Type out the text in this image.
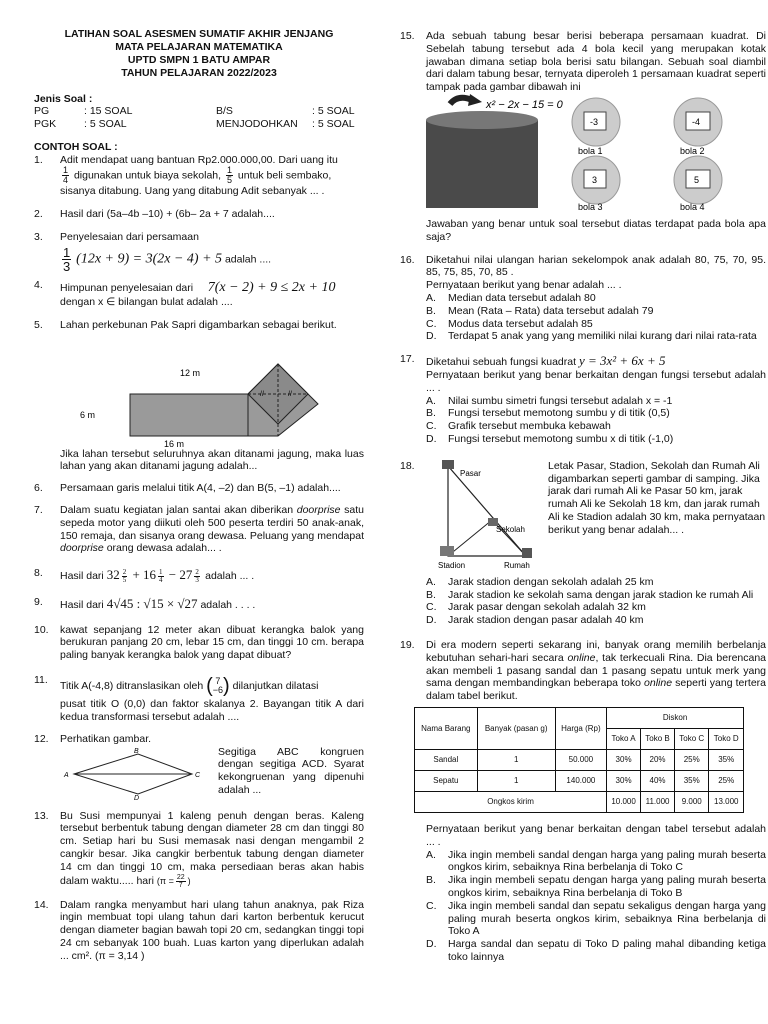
LATIHAN SOAL ASESMEN SUMATIF AKHIR JENJANG
MATA PELAJARAN MATEMATIKA
UPTD SMPN 1 BATU AMPAR
TAHUN PELAJARAN 2022/2023
Jenis Soal :
PG	: 15 SOAL	B/S	: 5 SOAL
PGK	: 5 SOAL	MENJODOHKAN	: 5 SOAL
CONTOH SOAL :
1.	Adit mendapat uang bantuan Rp2.000.000,00. Dari uang itu
$\frac{1}{4}$ digunakan untuk biaya sekolah, $\frac{1}{5}$ untuk beli sembako,
sisanya ditabung. Uang yang ditabung Adit sebanyak ... .
2.	Hasil dari (5a–4b –10) + (6b– 2a + 7 adalah....
3.	Penyelesaian dari persamaan
$\frac{1}{3} (12x + 9) = 3(2x - 4) + 5$ adalah ....
4.	Himpunan penyelesaian dari 7(x − 2) + 9 ≤ 2x + 10
dengan x ∈ bilangan bulat adalah ....
5.	Lahan perkebunan Pak Sapri digambarkan sebagai berikut.
//	//
12 m
6 m
16 m
Jika lahan tersebut seluruhnya akan ditanami jagung, maka luas lahan yang akan ditanami jagung adalah...
6.	Persamaan garis melalui titik A(4, –2) dan B(5, –1) adalah....
7.	Dalam suatu kegiatan jalan santai akan diberikan doorprise satu sepeda motor yang diikuti oleh 500 peserta terdiri 50 anak-anak, 150 remaja, dan sisanya orang dewasa. Peluang yang mendapat doorprise orang dewasa adalah... .
8.	Hasil dari $32 \frac{2}{5} + 16 \frac{1}{4} - 27 \frac{2}{3}$ adalah ... .
9.	Hasil dari 4√45 : √15 × √27 adalah . . . .
10.	kawat sepanjang 12 meter akan dibuat kerangka balok yang berukuran panjang 20 cm, lebar 15 cm, dan tinggi 10 cm. berapa paling banyak kerangka balok yang dapat dibuat?
11.	Titik A(-4,8) ditranslasikan oleh ( 7
−6 ) dilanjutkan dilatasi
pusat titik O (0,0) dan faktor skalanya 2. Bayangan titik A dari kedua transformasi tersebut adalah ....
12.	Perhatikan gambar.
B
A	C
D
Segitiga ABC kongruen dengan segitiga ACD. Syarat kekongruenan yang dipenuhi adalah ...
13.	Bu Susi mempunyai 1 kaleng penuh dengan beras. Kaleng tersebut berbentuk tabung dengan diameter 28 cm dan tinggi 80 cm. Setiap hari bu Susi memasak nasi dengan mengambil 2 cangkir besar. Jika cangkir berbentuk tabung dengan diameter 14 cm dan tinggi 10 cm, maka persediaan beras akan habis dalam waktu..... hari ($\pi = \frac{22}{7}$ )
14.	Dalam rangka menyambut hari ulang tahun anaknya, pak Riza ingin membuat topi ulang tahun dari karton berbentuk kerucut dengan diameter bagian bawah topi 20 cm, sedangkan tinggi topi 24 cm sebanyak 100 buah. Luas karton yang diperlukan adalah ... cm². (π = 3,14 )
15.	Ada sebuah tabung besar berisi beberapa persamaan kuadrat. Di Sebelah tabung tersebut ada 4 bola kecil yang merupakan kotak jawaban dimana setiap bola berisi satu bilangan. Sebuah soal diambil dari dalam tabung besar, ternyata diperoleh 1 persamaan kuadrat seperti tampak pada gambar dibawah ini
x² − 2x − 15 = 0
-3
bola 1
-4
bola 2
3
bola 3
5
bola 4
Jawaban yang benar untuk soal tersebut diatas terdapat pada bola apa saja?
16.	Diketahui nilai ulangan harian sekelompok anak adalah 80, 75, 70, 95. 85, 75, 85, 70, 85 .
Pernyataan berikut yang benar adalah ... .
A.	Median data tersebut adalah 80
B.	Mean (Rata – Rata) data tersebut adalah 79
C.	Modus data tersebut adalah 85
D.	Terdapat 5 anak yang yang memiliki nilai kurang dari nilai rata-rata
17.	Diketahui sebuah fungsi kuadrat y = 3x² + 6x + 5
Pernyataan berikut yang benar berkaitan dengan fungsi tersebut adalah ... .
A.	Nilai sumbu simetri fungsi tersebut adalah x = -1
B.	Fungsi tersebut memotong sumbu y di titik (0,5)
C.	Grafik tersebut membuka kebawah
D.	Fungsi tersebut memotong sumbu x di titik (-1,0)
18.
Pasar
Sekolah
Stadion	Rumah
Letak Pasar, Stadion, Sekolah dan Rumah Ali digambarkan seperti gambar di samping. Jika jarak dari rumah Ali ke Pasar 50 km, jarak rumah Ali ke Sekolah 18 km, dan jarak rumah Ali ke Stadion adalah 30 km, maka pernyataan berikut yang benar adalah... .
A.	Jarak stadion dengan sekolah adalah 25 km
B.	Jarak stadion ke sekolah sama dengan jarak stadion ke rumah Ali
C.	Jarak pasar dengan sekolah adalah 32 km
D.	Jarak stadion dengan pasar adalah 40 km
19.	Di era modern seperti sekarang ini, banyak orang memilih berbelanja kebutuhan sehari-hari secara online, tak terkecuali Rina. Dia berencana akan membeli 1 pasang sandal dan 1 pasang sepatu untuk merk yang sama dengan membandingkan beberapa toko online seperti yang tertera dalam tabel berikut.
Nama Barang	Banyak (pasan g)	Harga (Rp)	Diskon			
			Toko A	Toko B	Toko C	Toko D
Sandal	1	50.000	30%	20%	25%	35%
Sepatu	1	140.000	30%	40%	35%	25%
Ongkos kirim			10.000	11.000	9.000	13.000
Pernyataan berikut yang benar berkaitan dengan tabel tersebut adalah ... .
A.	Jika ingin membeli sandal dengan harga yang paling murah beserta ongkos kirim, sebaiknya Rina berbelanja di Toko C
B.	Jika ingin membeli sepatu dengan harga yang paling murah beserta ongkos kirim, sebaiknya Rina berbelanja di Toko B
C.	Jika ingin membeli sandal dan sepatu sekaligus dengan harga yang paling murah beserta ongkos kirim, sebaiknya Rina berbelanja di Toko A
D.	Harga sandal dan sepatu di Toko D paling mahal dibanding ketiga toko lainnya
